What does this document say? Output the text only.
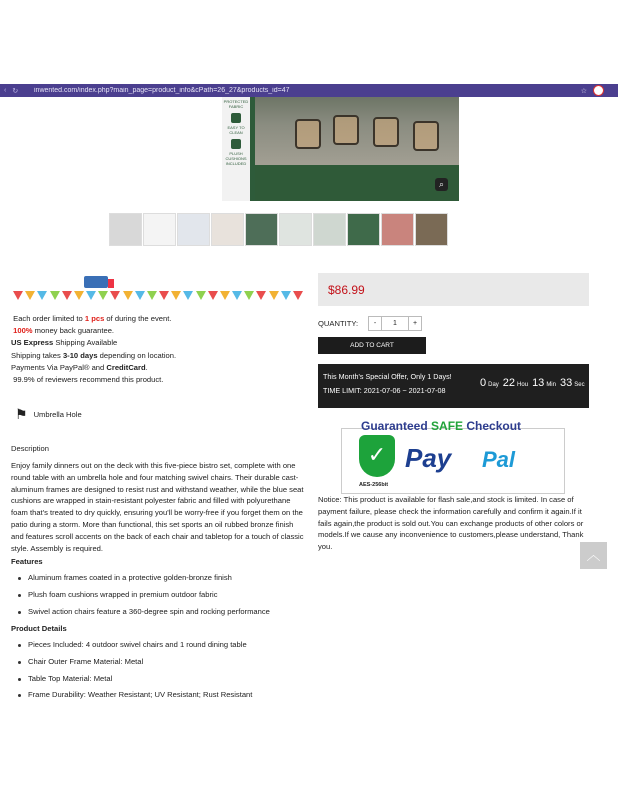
‹ ↻ inwented.com/index.php?main_page=product_info&cPath=26_27&products_id=47	☆
PROTECTED FABRIC
EASY TO CLEAN
PLUSH CUSHIONS INCLUDED
⌕
Each order limited to 1 pcs of during the event.
100% money back guarantee.
US Express Shipping Available
Shipping takes 3-10 days depending on location.
Payments Via PayPal® and CreditCard.
99.9% of reviewers recommend this product.
⚑ Umbrella Hole
Description
Enjoy family dinners out on the deck with this five-piece bistro set, complete with one round table with an umbrella hole and four matching swivel chairs. Their durable cast-aluminum frames are designed to resist rust and withstand weather, while the blue seat cushions are wrapped in stain-resistant polyester fabric and filled with polyurethane foam that's treated to dry quickly, ensuring you'll be worry-free if you forget them on the patio during a storm. More than functional, this set sports an oil rubbed bronze finish and features scroll accents on the back of each chair and tabletop for a touch of classic style. Assembly is required.
Features
Aluminum frames coated in a protective golden-bronze finish
Plush foam cushions wrapped in premium outdoor fabric
Swivel action chairs feature a 360-degree spin and rocking performance
Product Details
Pieces Included: 4 outdoor swivel chairs and 1 round dining table
Chair Outer Frame Material: Metal
Table Top Material: Metal
Frame Durability: Weather Resistant; UV Resistant; Rust Resistant
$86.99
QUANTITY:	-	1	+
ADD TO CART
This Month's Special Offer, Only 1 Days!
TIME LIMIT: 2021-07-06 ~ 2021-07-08
0 Day 22 Hou 13 Min 33 Sec
Guaranteed SAFE Checkout
✓
AES-256bit
Pay Pal
Notice: This product is available for flash sale,and stock is limited. In case of payment failure, please check the information carefully and confirm it again.If it fails again,the product is sold out.You can exchange products of other colors or models.If we cause any inconvenience to customers,please understand, Thank you.
︿
